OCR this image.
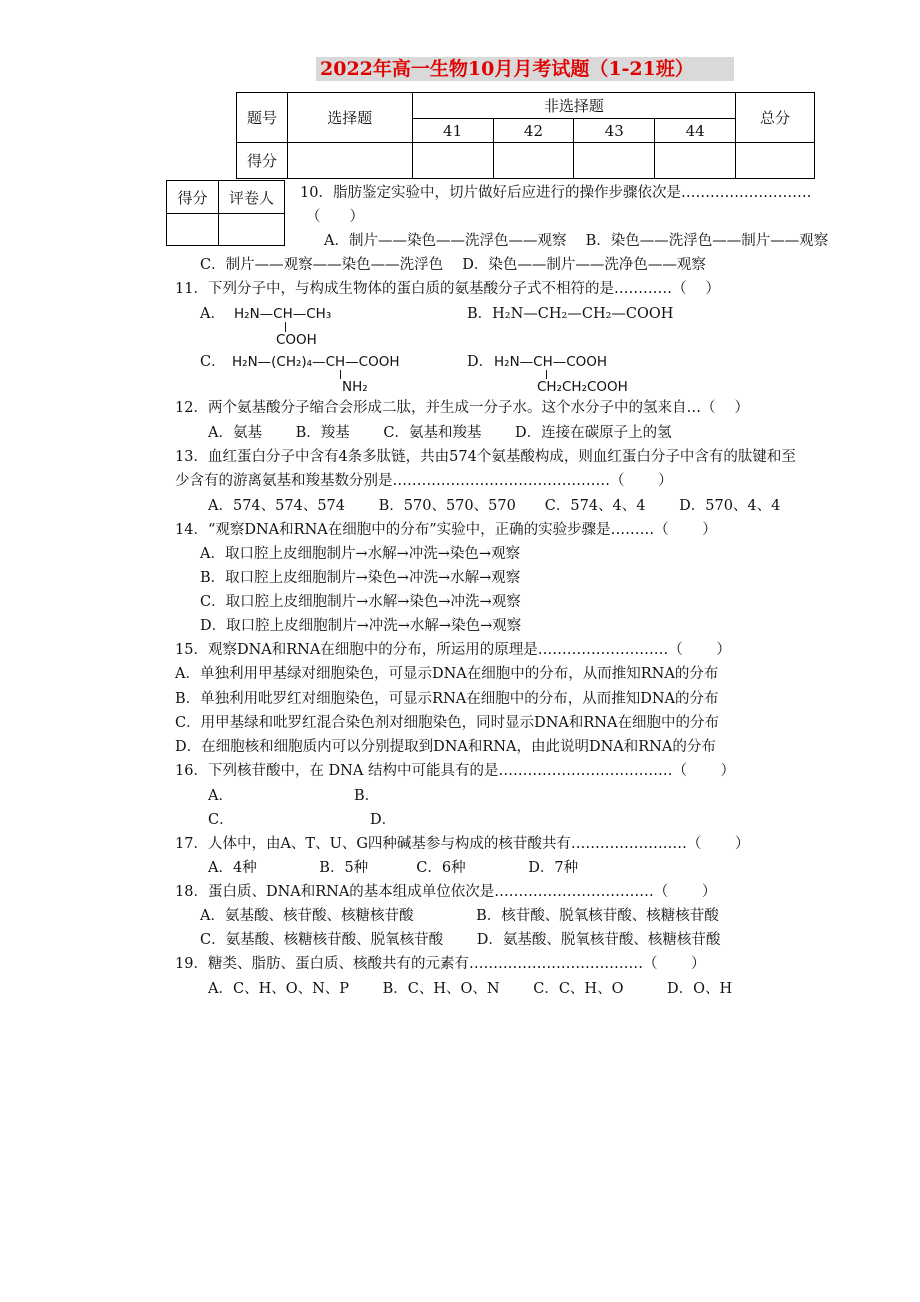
2022年高一生物10月月考试题（1-21班）
题号	选择题	非选择题				总分
		41	42	43	44	
得分						
得分	评卷人
	10．脂肪鉴定实验中，切片做好后应进行的操作步骤依次是………………………
（　　）
A．制片——染色——洗浮色——观察　 B．染色——洗浮色——制片——观察
C．制片——观察——染色——洗浮色　 D．染色——制片——洗净色——观察
11．下列分子中，与构成生物体的蛋白质的氨基酸分子式不相符的是…………（　 ）
A． H₂N—CH—CH₃
COOH
B．H₂N—CH₂—CH₂—COOH
C． H₂N—(CH₂)₄—CH—COOH
NH₂
D． H₂N—CH—COOH
CH₂CH₂COOH
12．两个氨基酸分子缩合会形成二肽，并生成一分子水。这个水分子中的氢来自…（　 ）
A．氨基　　 B．羧基　　 C．氨基和羧基　　 D．连接在碳原子上的氢
13．血红蛋白分子中含有4条多肽链，共由574个氨基酸构成，则血红蛋白分子中含有的肽键和至
少含有的游离氨基和羧基数分别是………………………………………（　　 ）
A．574、574、574　　 B．570、570、570　　C．574、4、4　　 D．570、4、4
14．“观察DNA和RNA在细胞中的分布”实验中，正确的实验步骤是………（　　 ）
A．取口腔上皮细胞制片→水解→冲洗→染色→观察
B．取口腔上皮细胞制片→染色→冲洗→水解→观察
C．取口腔上皮细胞制片→水解→染色→冲洗→观察
D．取口腔上皮细胞制片→冲洗→水解→染色→观察
15．观察DNA和RNA在细胞中的分布，所运用的原理是………………………（　　 ）
A．单独利用甲基绿对细胞染色，可显示DNA在细胞中的分布，从而推知RNA的分布
B．单独利用吡罗红对细胞染色，可显示RNA在细胞中的分布，从而推知DNA的分布
C．用甲基绿和吡罗红混合染色剂对细胞染色，同时显示DNA和RNA在细胞中的分布
D．在细胞核和细胞质内可以分别提取到DNA和RNA，由此说明DNA和RNA的分布
16．下列核苷酸中，在 DNA 结构中可能具有的是………………………………（　　 ）
A．	B．
C．	D．
17．人体中，由A、T、U、G四种碱基参与构成的核苷酸共有……………………（　　 ）
A．4种　　　　 B．5种　　　 C．6种　　　　 D．7种
18．蛋白质、DNA和RNA的基本组成单位依次是……………………………（　　 ）
A．氨基酸、核苷酸、核糖核苷酸　　　　 B．核苷酸、脱氧核苷酸、核糖核苷酸
C．氨基酸、核糖核苷酸、脱氧核苷酸　　 D．氨基酸、脱氧核苷酸、核糖核苷酸
19．糖类、脂肪、蛋白质、核酸共有的元素有………………………………（　　 ）
A．C、H、O、N、P　　 B．C、H、O、N　　 C．C、H、O　　　D．O、H
